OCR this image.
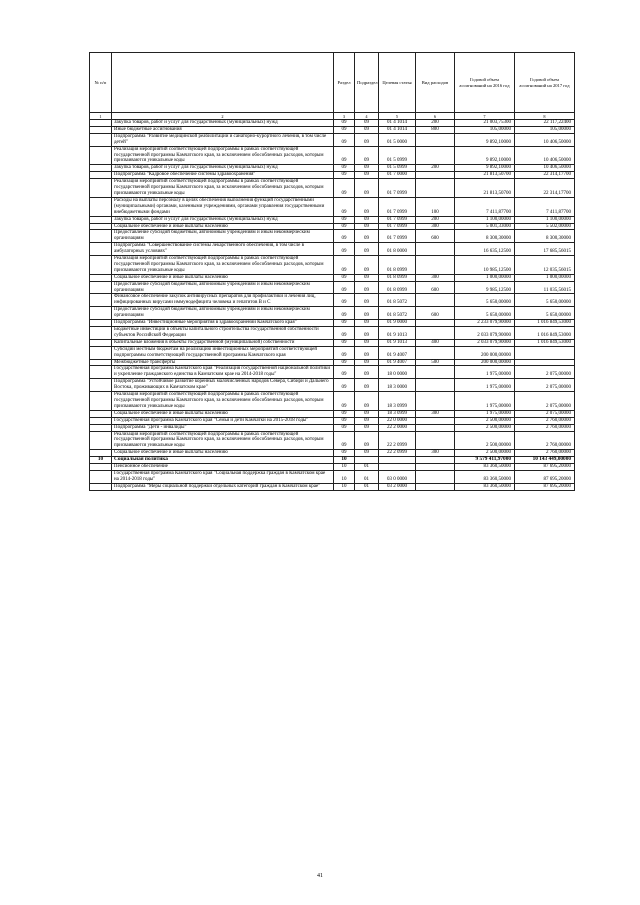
№ п/п		Раздел	Подраздел	Целевая статья	Вид расходов	Годовой объем ассигнований на 2016 год	Годовой объем ассигнований на 2017 год
1	2	3	4	5	6	7	8
	Закупка товаров, работ и услуг для государственных (муниципальных) нужд	09	09	01 4 1014	200	21 003,75300	22 117,22400
	Иные бюджетные ассигнования	09	09	01 4 1014	800	105,00000	105,00000
	Подпрограмма "Развитие медицинской реабилитации и санаторно-курортного лечения, в том числе детей"	09	09	01 5 0000		9 892,10000	10 406,50000
	Реализация мероприятий соответствующей подпрограммы в рамках соответствующей государственной программы Камчатского края, за исключением обособленных расходов, которым присваиваются уникальные коды	09	09	01 5 0999		9 892,10000	10 406,50000
	Закупка товаров, работ и услуг для государственных (муниципальных) нужд	09	09	01 5 0999	200	9 892,10000	10 406,50000
	Подпрограмма "Кадровое обеспечение системы здравоохранения"	09	09	01 7 0000		21 813,50700	22 314,17700
	Реализация мероприятий соответствующей подпрограммы в рамках соответствующей государственной программы Камчатского края, за исключением обособленных расходов, которым присваиваются уникальные коды	09	09	01 7 0999		21 813,50700	22 314,17700
	Расходы на выплаты персоналу в целях обеспечения выполнения функций государственными (муниципальными) органами, казенными учреждениями, органами управления государственными внебюджетными фондами	09	09	01 7 0999	100	7 411,87700	7 411,87700
	Закупка товаров, работ и услуг для государственных (муниципальных) нужд	09	09	01 7 0999	200	1 100,00000	1 100,00000
	Социальное обеспечение и иные выплаты населению	09	09	01 7 0999	300	5 001,33000	5 502,00000
	Предоставление субсидий бюджетным, автономным учреждениям и иным некоммерческим организациям	09	09	01 7 0999	600	8 300,30000	8 300,30000
	Подпрограмма "Совершенствование системы лекарственного обеспечения, в том числе в амбулаторных условиях"	09	09	01 8 0000		16 635,12500	17 685,56015
	Реализация мероприятий соответствующей подпрограммы в рамках соответствующей государственной программы Камчатского края, за исключением обособленных расходов, которым присваиваются уникальные коды	09	09	01 8 0999		10 985,12500	12 035,56015
	Социальное обеспечение и иные выплаты населению	09	09	01 8 0999	300	1 000,00000	1 000,00000
	Предоставление субсидий бюджетным, автономным учреждениям и иным некоммерческим организациям	09	09	01 8 0999	600	9 985,12500	11 035,56015
	Финансовое обеспечение закупок антивирусных препаратов для профилактики и лечения лиц, инфицированных вирусами иммунодефицита человека и гепатитов В и С	09	09	01 8 5072		5 650,00000	5 650,00000
	Предоставление субсидий бюджетным, автономным учреждениям и иным некоммерческим организациям	09	09	01 8 5072	600	5 650,00000	5 650,00000
	Подпрограмма "Инвестиционные мероприятия в здравоохранении Камчатского края"	09	09	01 9 0000		2 233 079,90000	1 016 849,53000
	Бюджетные инвестиции в объекты капитального строительства государственной собственности субъектов Российской Федерации	09	09	01 9 1013		2 033 079,90000	1 016 849,53000
	Капитальные вложения в объекты государственной (муниципальной) собственности	09	09	01 9 1013	400	2 033 079,90000	1 016 849,53000
	Субсидии местным бюджетам на реализацию инвестиционных мероприятий соответствующей подпрограммы соответствующей государственной программы Камчатского края	09	09	01 9 4007		200 000,00000	
	Межбюджетные трансферты	09	09	01 9 4007	500	200 000,00000	
	Государственная программа Камчатского края "Реализация государственной национальной политики и укрепление гражданского единства в Камчатском крае на 2014-2018 годы"	09	09	18 0 0000		1 975,00000	2 075,00000
	Подпрограмма "Устойчивое развитие коренных малочисленных народов Севера, Сибири и Дальнего Востока, проживающих в Камчатском крае"	09	09	18 3 0000		1 975,00000	2 075,00000
	Реализация мероприятий соответствующей подпрограммы в рамках соответствующей государственной программы Камчатского края, за исключением обособленных расходов, которым присваиваются уникальные коды	09	09	18 3 0999		1 975,00000	2 075,00000
	Социальное обеспечение и иные выплаты населению	09	09	18 3 0999	300	1 975,00000	2 075,00000
	Государственная программа Камчатского края "Семья и дети Камчатки на 2015-2018 годы"	09	09	22 0 0000		2 500,00000	2 760,00000
	Подпрограмма "Дети - инвалиды"	09	09	22 2 0000		2 500,00000	2 760,00000
	Реализация мероприятий соответствующей подпрограммы в рамках соответствующей государственной программы Камчатского края, за исключением обособленных расходов, которым присваиваются уникальные коды	09	09	22 2 0999		2 500,00000	2 760,00000
	Социальное обеспечение и иные выплаты населению	09	09	22 2 0999	300	2 500,00000	2 760,00000
10	Социальная политика	10				9 579 411,97000	10 143 449,00000
	Пенсионное обеспечение	10	01			83 360,50000	87 695,20000
	Государственная программа Камчатского края "Социальная поддержка граждан в Камчатском крае на 2014-2018 годы"	10	01	03 0 0000		83 360,50000	87 695,20000
	Подпрограмма "Меры социальной поддержки отдельных категорий граждан в Камчатском крае"	10	01	03 2 0000		83 360,50000	87 695,20000
41
